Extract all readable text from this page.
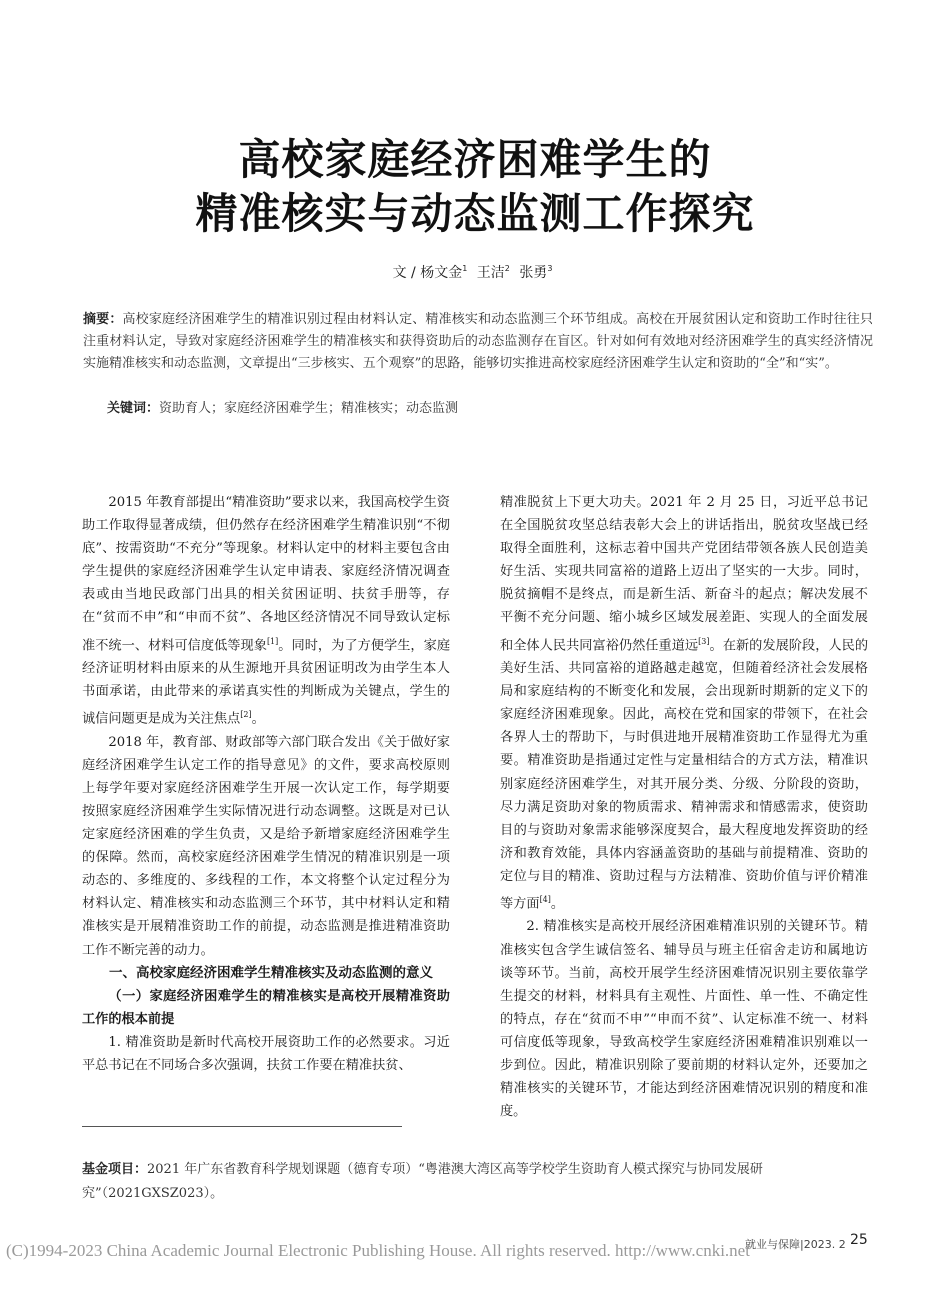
高校家庭经济困难学生的
精准核实与动态监测工作探究
文 / 杨文金$^1$ 王洁$^2$ 张勇$^3$
摘要：高校家庭经济困难学生的精准识别过程由材料认定、精准核实和动态监测三个环节组成。高校在开展贫困认定和资助工作时往往只注重材料认定，导致对家庭经济困难学生的精准核实和获得资助后的动态监测存在盲区。针对如何有效地对经济困难学生的真实经济情况实施精准核实和动态监测，文章提出“三步核实、五个观察”的思路，能够切实推进高校家庭经济困难学生认定和资助的“全”和“实”。
关键词：资助育人；家庭经济困难学生；精准核实；动态监测

2015 年教育部提出“精准资助”要求以来，我国高校学生资助工作取得显著成绩，但仍然存在经济困难学生精准识别“不彻底”、按需资助“不充分”等现象。材料认定中的材料主要包含由学生提供的家庭经济困难学生认定申请表、家庭经济情况调查表或由当地民政部门出具的相关贫困证明、扶贫手册等，存在“贫而不申”和“申而不贫”、各地区经济情况不同导致认定标准不统一、材料可信度低等现象[1]。同时，为了方便学生，家庭经济证明材料由原来的从生源地开具贫困证明改为由学生本人书面承诺，由此带来的承诺真实性的判断成为关键点，学生的诚信问题更是成为关注焦点[2]。

2018 年，教育部、财政部等六部门联合发出《关于做好家庭经济困难学生认定工作的指导意见》的文件，要求高校原则上每学年要对家庭经济困难学生开展一次认定工作，每学期要按照家庭经济困难学生实际情况进行动态调整。这既是对已认定家庭经济困难的学生负责，又是给予新增家庭经济困难学生的保障。然而，高校家庭经济困难学生情况的精准识别是一项动态的、多维度的、多线程的工作，本文将整个认定过程分为材料认定、精准核实和动态监测三个环节，其中材料认定和精准核实是开展精准资助工作的前提，动态监测是推进精准资助工作不断完善的动力。

一、高校家庭经济困难学生精准核实及动态监测的意义

（一）家庭经济困难学生的精准核实是高校开展精准资助工作的根本前提

1. 精准资助是新时代高校开展资助工作的必然要求。习近平总书记在不同场合多次强调，扶贫工作要在精准扶贫、

精准脱贫上下更大功夫。2021 年 2 月 25 日，习近平总书记在全国脱贫攻坚总结表彰大会上的讲话指出，脱贫攻坚战已经取得全面胜利，这标志着中国共产党团结带领各族人民创造美好生活、实现共同富裕的道路上迈出了坚实的一大步。同时，脱贫摘帽不是终点，而是新生活、新奋斗的起点；解决发展不平衡不充分问题、缩小城乡区域发展差距、实现人的全面发展和全体人民共同富裕仍然任重道远[3]。在新的发展阶段，人民的美好生活、共同富裕的道路越走越宽，但随着经济社会发展格局和家庭结构的不断变化和发展，会出现新时期新的定义下的家庭经济困难现象。因此，高校在党和国家的带领下，在社会各界人士的帮助下，与时俱进地开展精准资助工作显得尤为重要。精准资助是指通过定性与定量相结合的方式方法，精准识别家庭经济困难学生，对其开展分类、分级、分阶段的资助，尽力满足资助对象的物质需求、精神需求和情感需求，使资助目的与资助对象需求能够深度契合，最大程度地发挥资助的经济和教育效能，具体内容涵盖资助的基础与前提精准、资助的定位与目的精准、资助过程与方法精准、资助价值与评价精准等方面[4]。

2. 精准核实是高校开展经济困难精准识别的关键环节。精准核实包含学生诚信签名、辅导员与班主任宿舍走访和属地访谈等环节。当前，高校开展学生经济困难情况识别主要依靠学生提交的材料，材料具有主观性、片面性、单一性、不确定性的特点，存在“贫而不申”“申而不贫”、认定标准不统一、材料可信度低等现象，导致高校学生家庭经济困难精准识别难以一步到位。因此，精准识别除了要前期的材料认定外，还要加之精准核实的关键环节，才能达到经济困难情况识别的精度和准度。

基金项目：2021 年广东省教育科学规划课题（德育专项）“粤港澳大湾区高等学校学生资助育人模式探究与协同发展研究”（2021GXSZ023）。
就业与保障|2023. 2 25
(C)1994-2023 China Academic Journal Electronic Publishing House. All rights reserved. http://www.cnki.net
